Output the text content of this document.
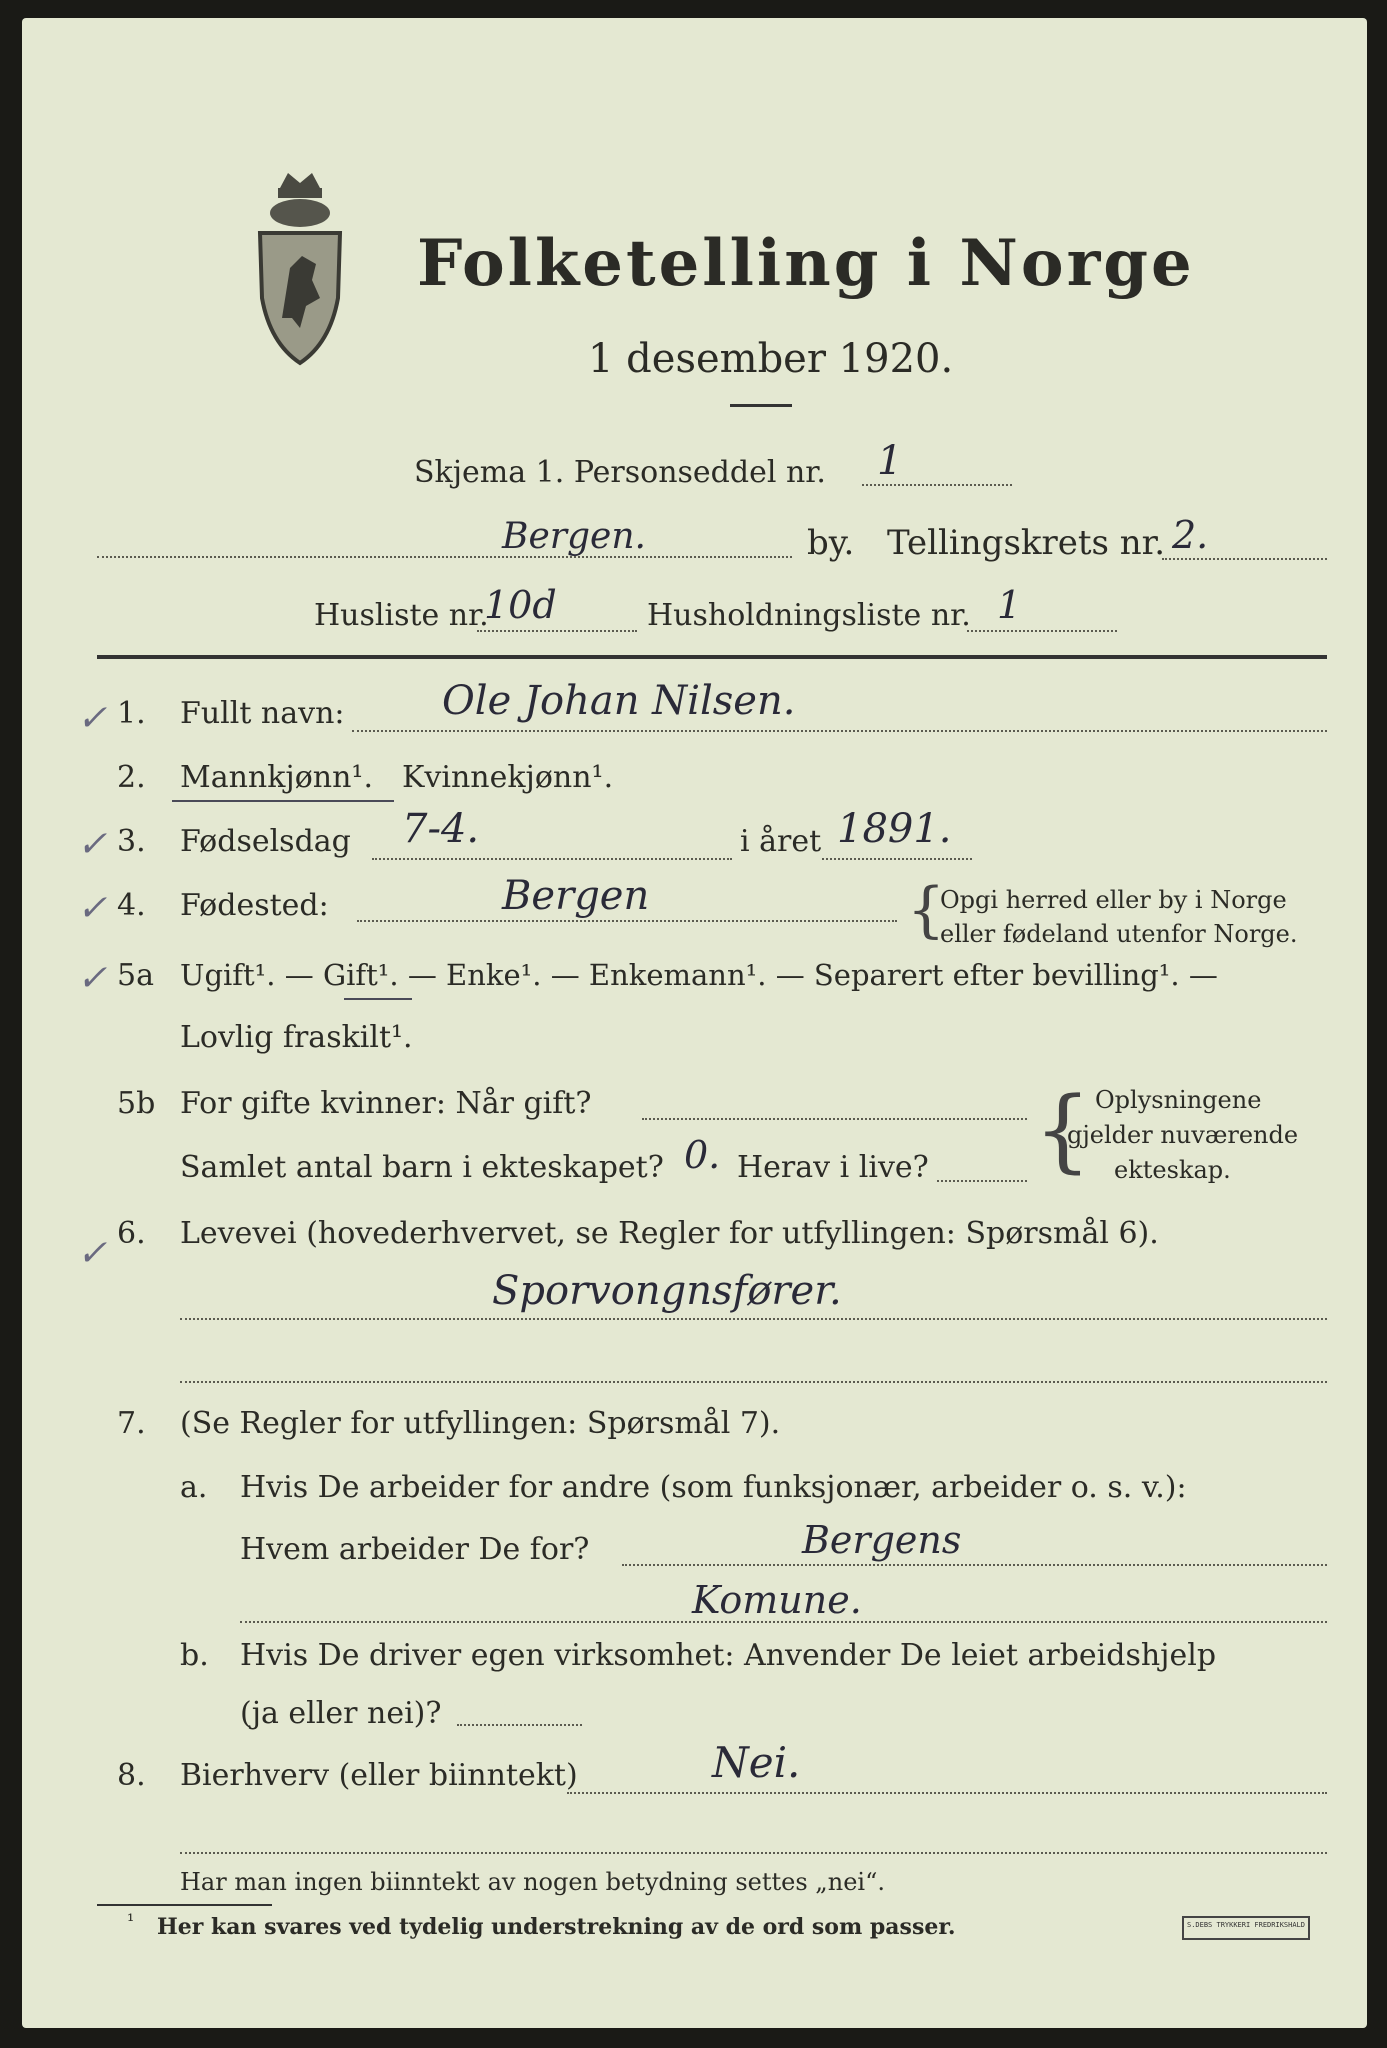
Folketelling i Norge
1 desember 1920.
Skjema 1. Personseddel nr. 1
Bergen.	by. Tellingskrets nr. 2.
Husliste nr.
10d	Husholdningsliste nr. 1
✓ 1. Fullt navn: Ole Johan Nilsen.
2. Mannkjønn¹. Kvinnekjønn¹.
✓ 3. Fødselsdag 7-4.	i året 1891.
✓ 4. Fødested:	Bergen	{
Opgi herred eller by i Norge
eller fødeland utenfor Norge.
✓ 5a Ugift¹. — Gift¹. — Enke¹. — Enkemann¹. — Separert efter bevilling¹. —
Lovlig fraskilt¹.
5b For gifte kvinner: Når gift?
Samlet antal barn i ekteskapet? 0. Herav i live? { Oplysningene
gjelder nuværende
ekteskap.
✓ 6. Levevei (hovederhvervet, se Regler for utfyllingen: Spørsmål 6).
Sporvongnsfører.
7. (Se Regler for utfyllingen: Spørsmål 7).
a. Hvis De arbeider for andre (som funksjonær, arbeider o. s. v.):
Hvem arbeider De for?	Bergens
Komune.
b. Hvis De driver egen virksomhet: Anvender De leiet arbeidshjelp
(ja eller nei)?
8. Bierhverv (eller biinntekt)	Nei.
Har man ingen biinntekt av nogen betydning settes „nei“.
¹ Her kan svares ved tydelig understrekning av de ord som passer.	S.DEBS TRYKKERI FREDRIKSHALD
